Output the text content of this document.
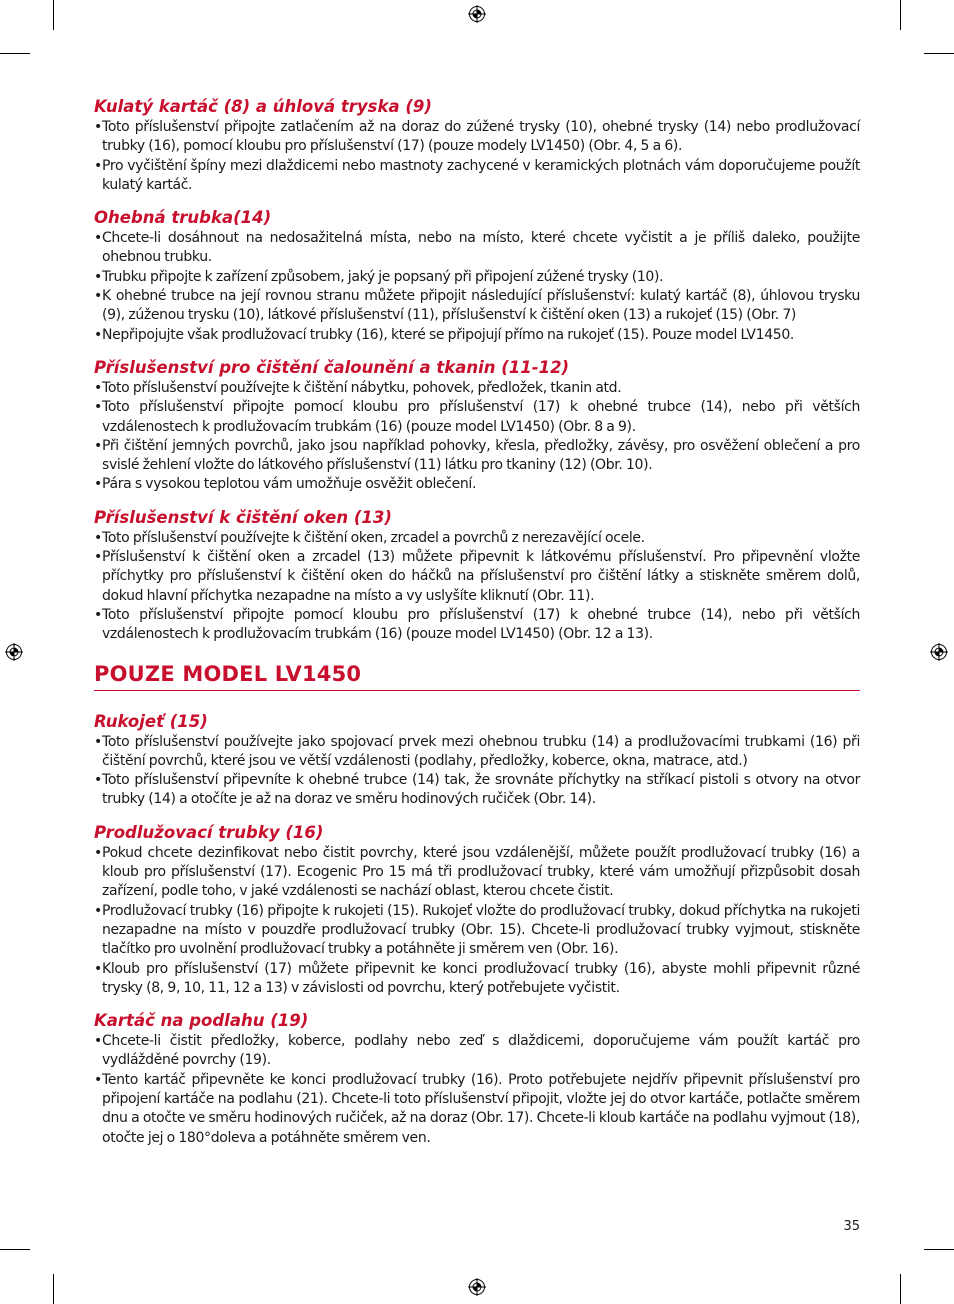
Kulatý kartáč (8) a úhlová tryska (9)
• Toto příslušenství připojte zatlačením až na doraz do zúžené trysky (10), ohebné trysky (14) nebo prodlužovací trubky (16), pomocí kloubu pro příslušenství (17) (pouze modely LV1450) (Obr. 4, 5 a 6).
• Pro vyčištění špíny mezi dlaždicemi nebo mastnoty zachycené v keramických plotnách vám doporučujeme použít kulatý kartáč.
Ohebná trubka(14)
• Chcete-li dosáhnout na nedosažitelná místa, nebo na místo, které chcete vyčistit a je příliš daleko, použijte ohebnou trubku.
• Trubku připojte k zařízení způsobem, jaký je popsaný při připojení zúžené trysky (10).
• K ohebné trubce na její rovnou stranu můžete připojit následující příslušenství: kulatý kartáč (8), úhlovou trysku (9), zúženou trysku (10), látkové příslušenství (11), příslušenství k čištění oken (13) a rukojeť (15) (Obr. 7)
• Nepřipojujte však prodlužovací trubky (16), které se připojují přímo na rukojeť (15). Pouze model LV1450.
Příslušenství pro čištění čalounění a tkanin (11-12)
• Toto příslušenství používejte k čištění nábytku, pohovek, předložek, tkanin atd.
• Toto příslušenství připojte pomocí kloubu pro příslušenství (17) k ohebné trubce (14), nebo při větších vzdálenostech k prodlužovacím trubkám (16) (pouze model LV1450) (Obr. 8 a 9).
• Při čištění jemných povrchů, jako jsou například pohovky, křesla, předložky, závěsy, pro osvěžení oblečení a pro svislé žehlení vložte do látkového příslušenství (11) látku pro tkaniny (12) (Obr. 10).
• Pára s vysokou teplotou vám umožňuje osvěžit oblečení.
Příslušenství k čištění oken (13)
• Toto příslušenství používejte k čištění oken, zrcadel a povrchů z nerezavějící ocele.
• Příslušenství k čištění oken a zrcadel (13) můžete připevnit k látkovému příslušenství. Pro připevnění vložte příchytky pro příslušenství k čištění oken do háčků na příslušenství pro čištění látky a stiskněte směrem dolů, dokud hlavní příchytka nezapadne na místo a vy uslyšíte kliknutí (Obr. 11).
• Toto příslušenství připojte pomocí kloubu pro příslušenství (17) k ohebné trubce (14), nebo při větších vzdálenostech k prodlužovacím trubkám (16) (pouze model LV1450) (Obr. 12 a 13).
POUZE MODEL LV1450
Rukojeť (15)
• Toto příslušenství používejte jako spojovací prvek mezi ohebnou trubku (14) a prodlužovacími trubkami (16) při čištění povrchů, které jsou ve větší vzdálenosti (podlahy, předložky, koberce, okna, matrace, atd.)
• Toto příslušenství připevníte k ohebné trubce (14) tak, že srovnáte příchytky na stříkací pistoli s otvory na otvor trubky (14) a otočíte je až na doraz ve směru hodinových ručiček (Obr. 14).
Prodlužovací trubky (16)
• Pokud chcete dezinfikovat nebo čistit povrchy, které jsou vzdálenější, můžete použít prodlužovací trubky (16) a kloub pro příslušenství (17). Ecogenic Pro 15 má tři prodlužovací trubky, které vám umožňují přizpůsobit dosah zařízení, podle toho, v jaké vzdálenosti se nachází oblast, kterou chcete čistit.
• Prodlužovací trubky (16) připojte k rukojeti (15). Rukojeť vložte do prodlužovací trubky, dokud příchytka na rukojeti nezapadne na místo v pouzdře prodlužovací trubky (Obr. 15). Chcete-li prodlužovací trubky vyjmout, stiskněte tlačítko pro uvolnění prodlužovací trubky a potáhněte ji směrem ven (Obr. 16).
• Kloub pro příslušenství (17) můžete připevnit ke konci prodlužovací trubky (16), abyste mohli připevnit různé trysky (8, 9, 10, 11, 12 a 13) v závislosti od povrchu, který potřebujete vyčistit.
Kartáč na podlahu (19)
• Chcete-li čistit předložky, koberce, podlahy nebo zeď s dlaždicemi, doporučujeme vám použít kartáč pro vydlážděné povrchy (19).
• Tento kartáč připevněte ke konci prodlužovací trubky (16). Proto potřebujete nejdřív připevnit příslušenství pro připojení kartáče na podlahu (21). Chcete-li toto příslušenství připojit, vložte jej do otvor kartáče, potlačte směrem dnu a otočte ve směru hodinových ručiček, až na doraz (Obr. 17). Chcete-li kloub kartáče na podlahu vyjmout (18), otočte jej o 180°doleva a potáhněte směrem ven.
35
